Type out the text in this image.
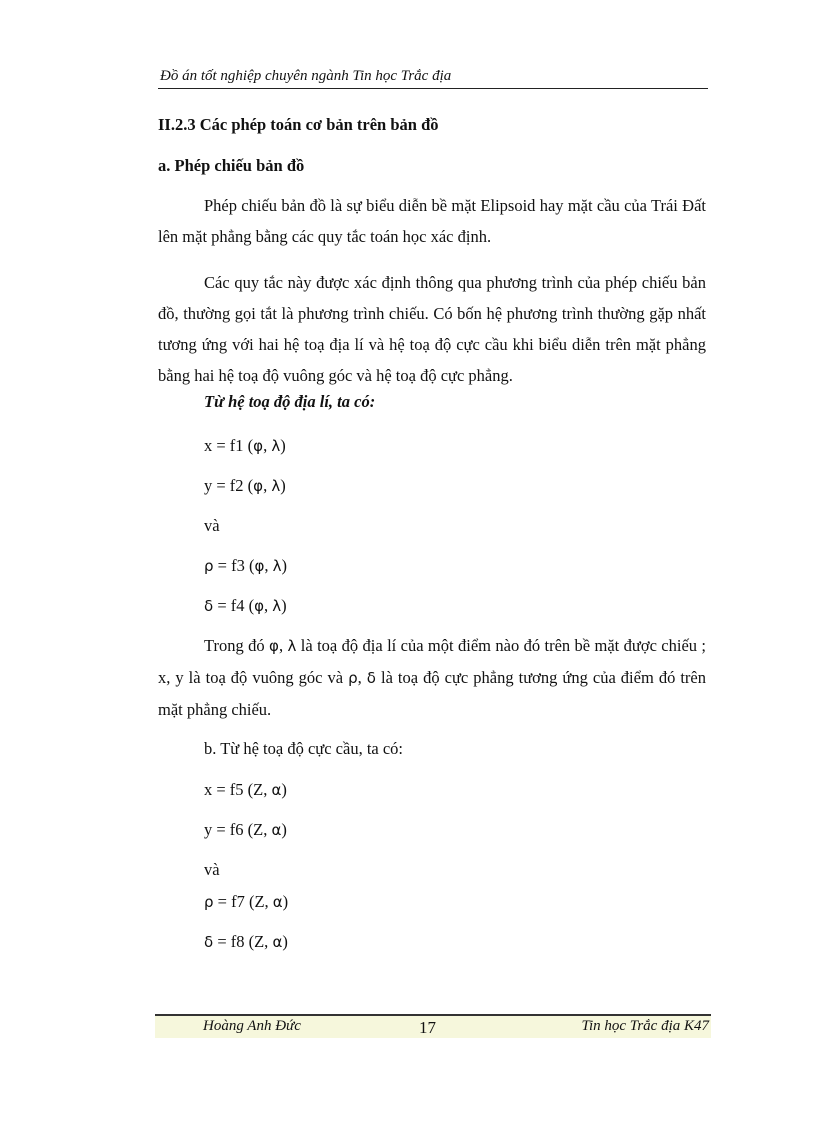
Đồ án tốt nghiệp chuyên ngành Tin học Trắc địa
II.2.3 Các phép toán cơ bản trên bản đồ
a. Phép chiếu bản đồ
Phép chiếu bản đồ là sự biểu diễn bề mặt Elipsoid hay mặt cầu của Trái Đất lên mặt phẳng bằng các quy tắc toán học xác định.
Các quy tắc này được xác định thông qua phương trình của phép chiếu bản đồ, thường gọi tắt là phương trình chiếu. Có bốn hệ phương trình thường gặp nhất tương ứng với hai hệ toạ địa lí và hệ toạ độ cực cầu khi biểu diễn trên mặt phẳng bằng hai hệ toạ độ vuông góc và hệ toạ độ cực phẳng.
Từ hệ toạ độ địa lí, ta có:
x = f1 (φ, λ)
y = f2 (φ, λ)
và
ρ = f3 (φ, λ)
δ = f4 (φ, λ)
Trong đó φ, λ là toạ độ địa lí của một điểm nào đó trên bề mặt được chiếu ; x, y là toạ độ vuông góc và ρ, δ là toạ độ cực phẳng tương ứng của điểm đó trên mặt phẳng chiếu.
b. Từ hệ toạ độ cực cầu, ta có:
x = f5 (Z, α)
y = f6 (Z, α)
và
ρ = f7 (Z, α)
δ = f8 (Z, α)
Hoàng Anh Đức	17	Tin học Trắc địa K47
